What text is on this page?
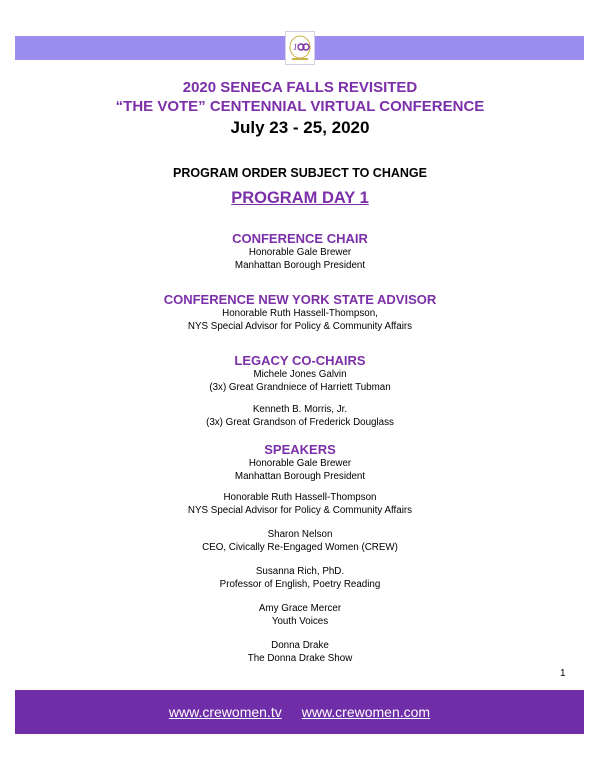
1
2020 SENECA FALLS REVISITED
“THE VOTE” CENTENNIAL VIRTUAL CONFERENCE
July 23 - 25, 2020
PROGRAM ORDER SUBJECT TO CHANGE
PROGRAM DAY 1
CONFERENCE CHAIR
Honorable Gale Brewer
Manhattan Borough President
CONFERENCE NEW YORK STATE ADVISOR
Honorable Ruth Hassell-Thompson,
NYS Special Advisor for Policy & Community Affairs
LEGACY CO-CHAIRS
Michele Jones Galvin
(3x) Great Grandniece of Harriett Tubman
Kenneth B. Morris, Jr.
(3x) Great Grandson of Frederick Douglass
SPEAKERS
Honorable Gale Brewer
Manhattan Borough President
Honorable Ruth Hassell-Thompson
NYS Special Advisor for Policy & Community Affairs
Sharon Nelson
CEO, Civically Re-Engaged Women (CREW)
Susanna Rich, PhD.
Professor of English, Poetry Reading
Amy Grace Mercer
Youth Voices
Donna Drake
The Donna Drake Show
1
www.crewomen.tv www.crewomen.com
